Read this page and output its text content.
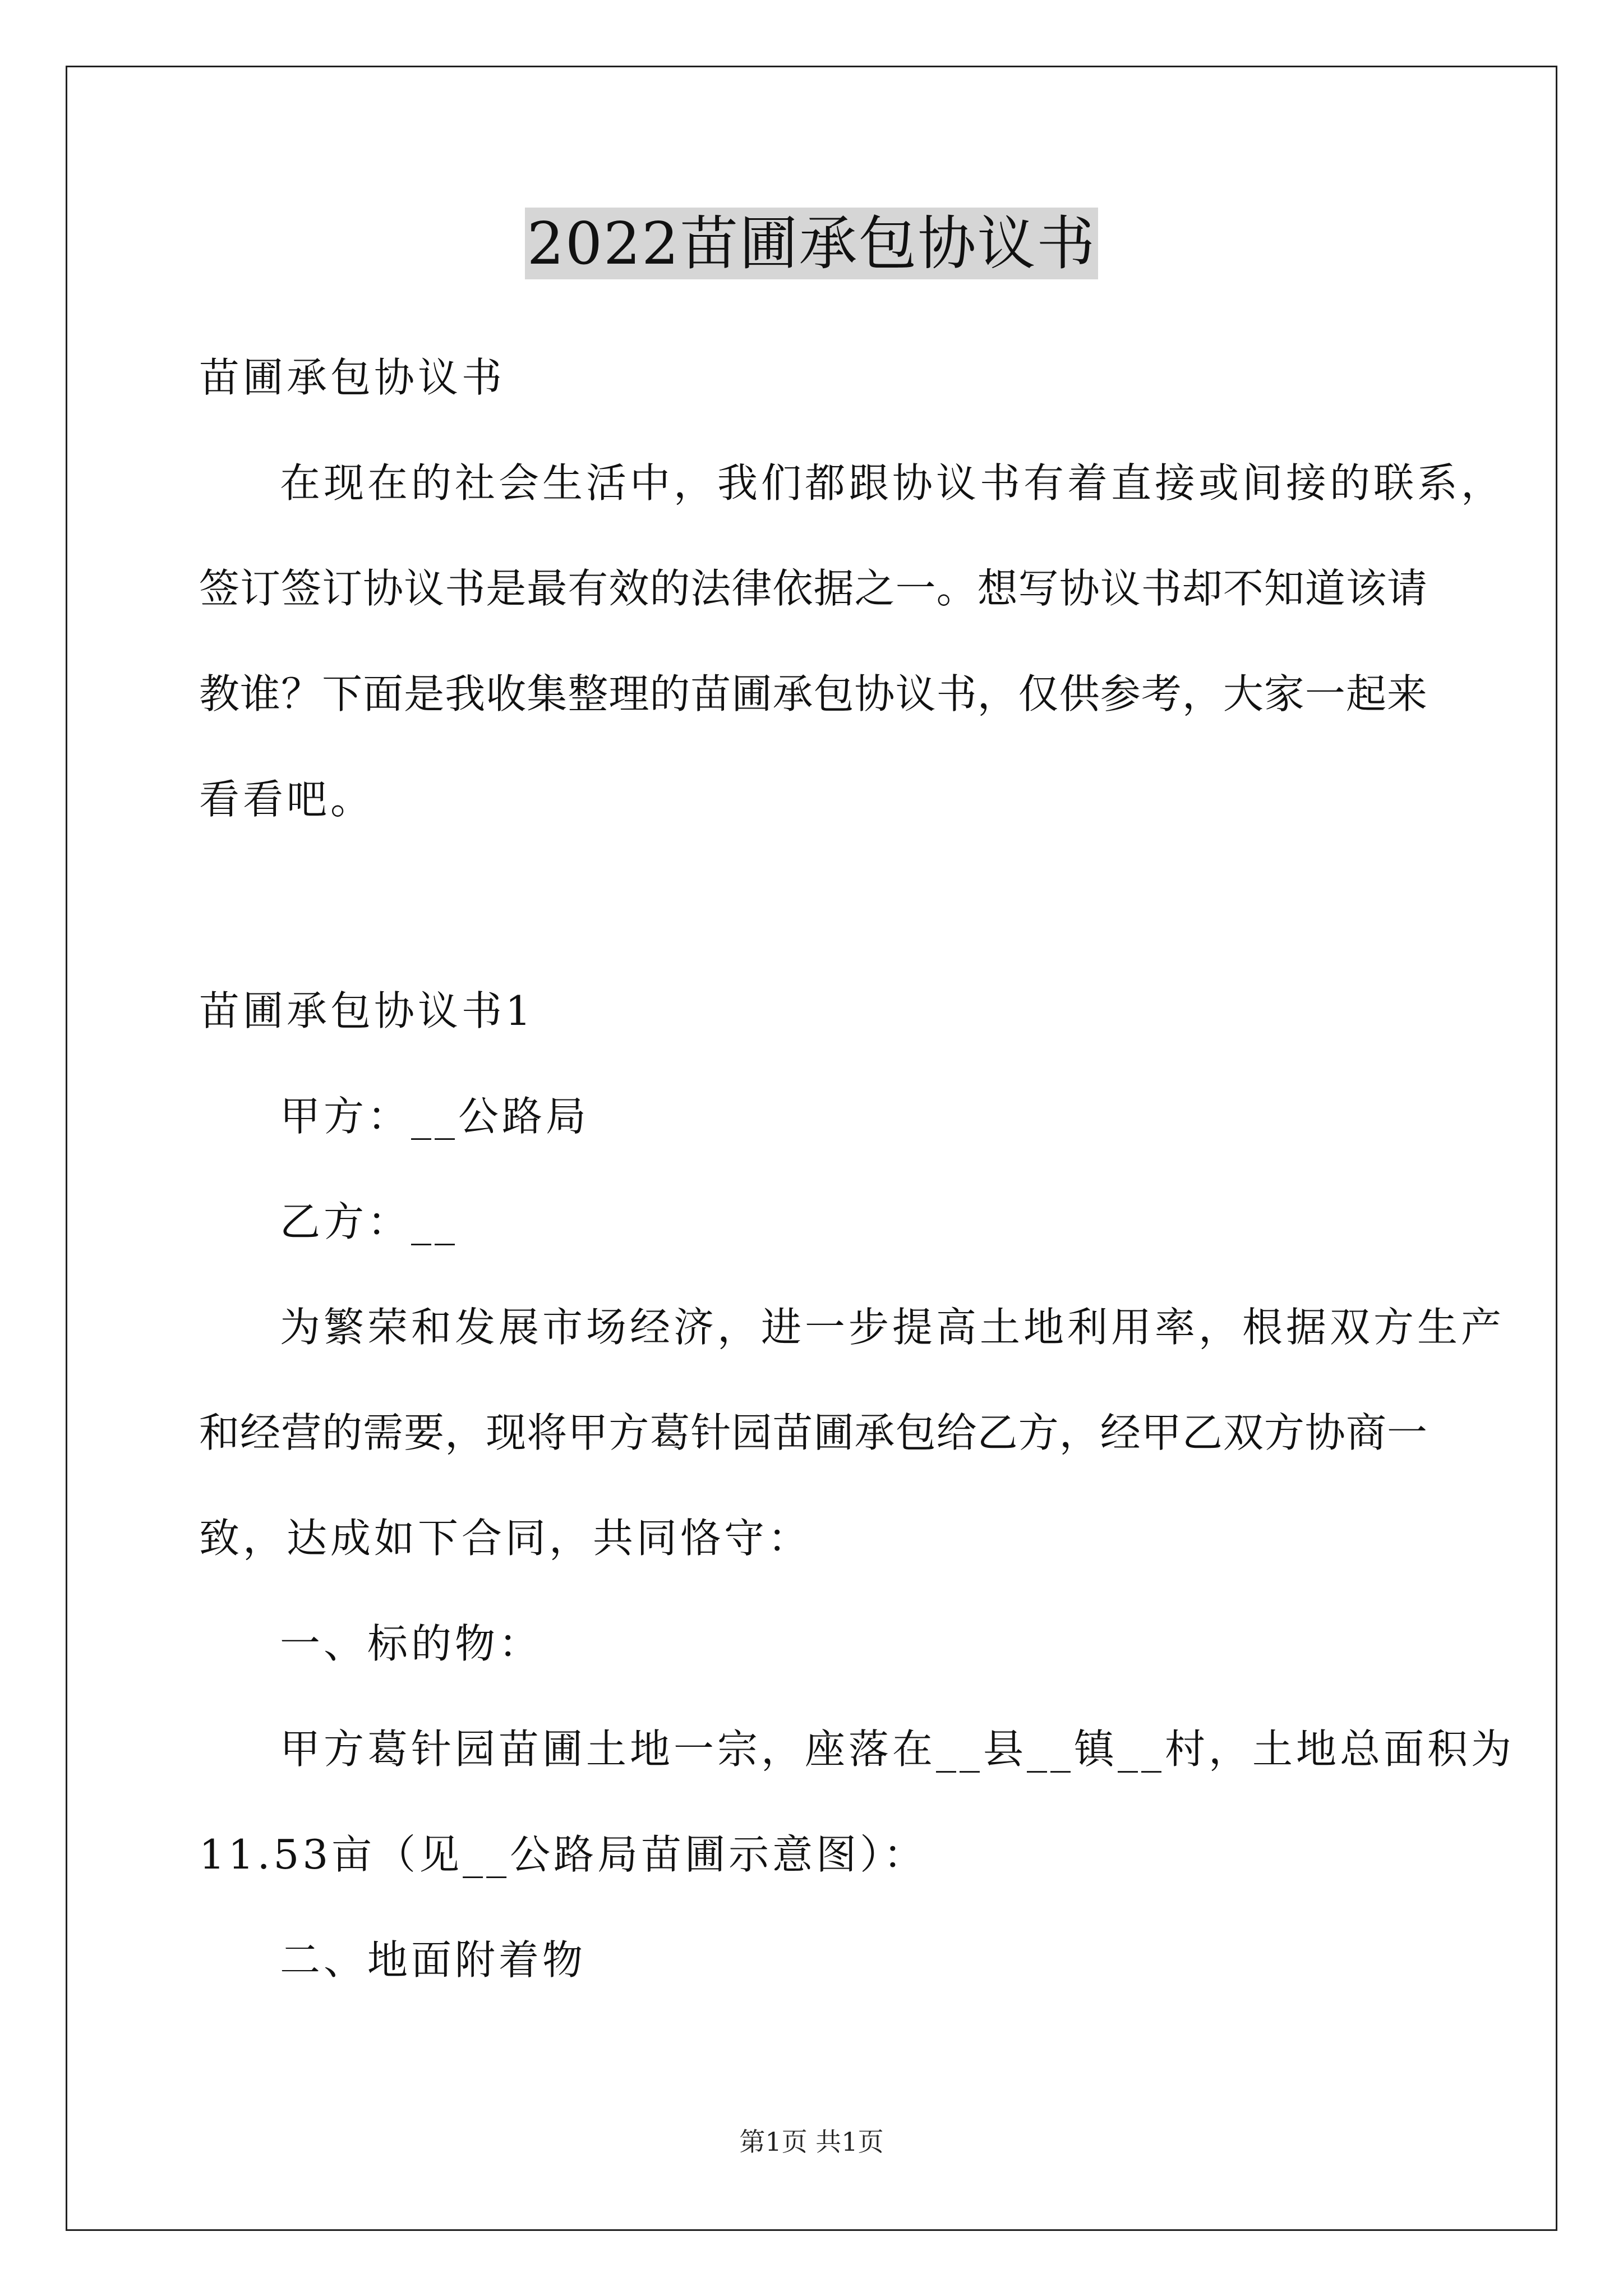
2022苗圃承包协议书
苗圃承包协议书
在现在的社会生活中，我们都跟协议书有着直接或间接的联系，
签订签订协议书是最有效的法律依据之一。想写协议书却不知道该请
教谁？下面是我收集整理的苗圃承包协议书，仅供参考，大家一起来
看看吧。
苗圃承包协议书1
甲方：__公路局
乙方：__
为繁荣和发展市场经济，进一步提高土地利用率，根据双方生产
和经营的需要，现将甲方葛针园苗圃承包给乙方，经甲乙双方协商一
致，达成如下合同，共同恪守：
一、标的物：
甲方葛针园苗圃土地一宗，座落在__县__镇__村，土地总面积为
11.53亩（见__公路局苗圃示意图）：
二、地面附着物
第1页 共1页
